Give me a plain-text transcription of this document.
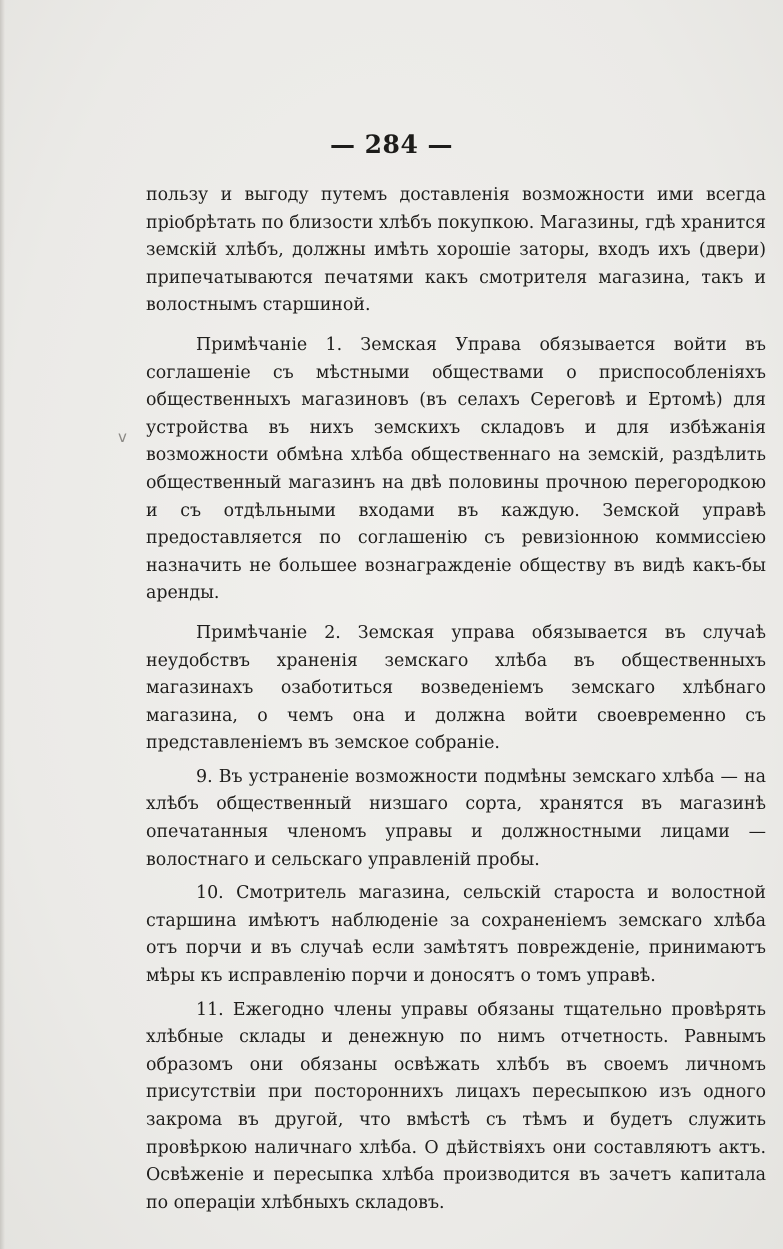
— 284 —
v

пользу и выгоду путемъ доставленія возможности ими всегда пріобрѣтать по близости хлѣбъ покупкою. Магазины, гдѣ хранится земскій хлѣбъ, должны имѣть хорошіе заторы, входъ ихъ (двери) припечатываются печатями какъ смотрителя магазина, такъ и волостнымъ старшиной.

Примѣчаніе 1. Земская Управа обязывается войти въ соглашеніе съ мѣстными обществами о приспособленіяхъ общественныхъ магазиновъ (въ селахъ Сереговѣ и Ертомѣ) для устройства въ нихъ земскихъ складовъ и для избѣжанія возможности обмѣна хлѣба общественнаго на земскій, раздѣлить общественный магазинъ на двѣ половины прочною перегородкою и съ отдѣльными входами въ каждую. Земской управѣ предоставляется по соглашенію съ ревизіонною коммиссіею назначить не большее вознагражденіе обществу въ видѣ какъ-бы аренды.

Примѣчаніе 2. Земская управа обязывается въ случаѣ неудобствъ храненія земскаго хлѣба въ общественныхъ магазинахъ озаботиться возведеніемъ земскаго хлѣбнаго магазина, о чемъ она и должна войти своевременно съ представленіемъ въ земское собраніе.

9. Въ устраненіе возможности подмѣны земскаго хлѣба — на хлѣбъ общественный низшаго сорта, хранятся въ магазинѣ опечатанныя членомъ управы и должностными лицами — волостнаго и сельскаго управленій пробы.

10. Смотритель магазина, сельскій староста и волостной старшина имѣютъ наблюденіе за сохраненіемъ земскаго хлѣба отъ порчи и въ случаѣ если замѣтятъ поврежденіе, принимаютъ мѣры къ исправленію порчи и доносятъ о томъ управѣ.

11. Ежегодно члены управы обязаны тщательно провѣрять хлѣбные склады и денежную по нимъ отчетность. Равнымъ образомъ они обязаны освѣжать хлѣбъ въ своемъ личномъ присутствіи при постороннихъ лицахъ пересыпкою изъ одного закрома въ другой, что вмѣстѣ съ тѣмъ и будетъ служить провѣркою наличнаго хлѣба. О дѣйствіяхъ они составляютъ актъ. Освѣженіе и пересыпка хлѣба производится въ зачетъ капитала по операціи хлѣбныхъ складовъ.
